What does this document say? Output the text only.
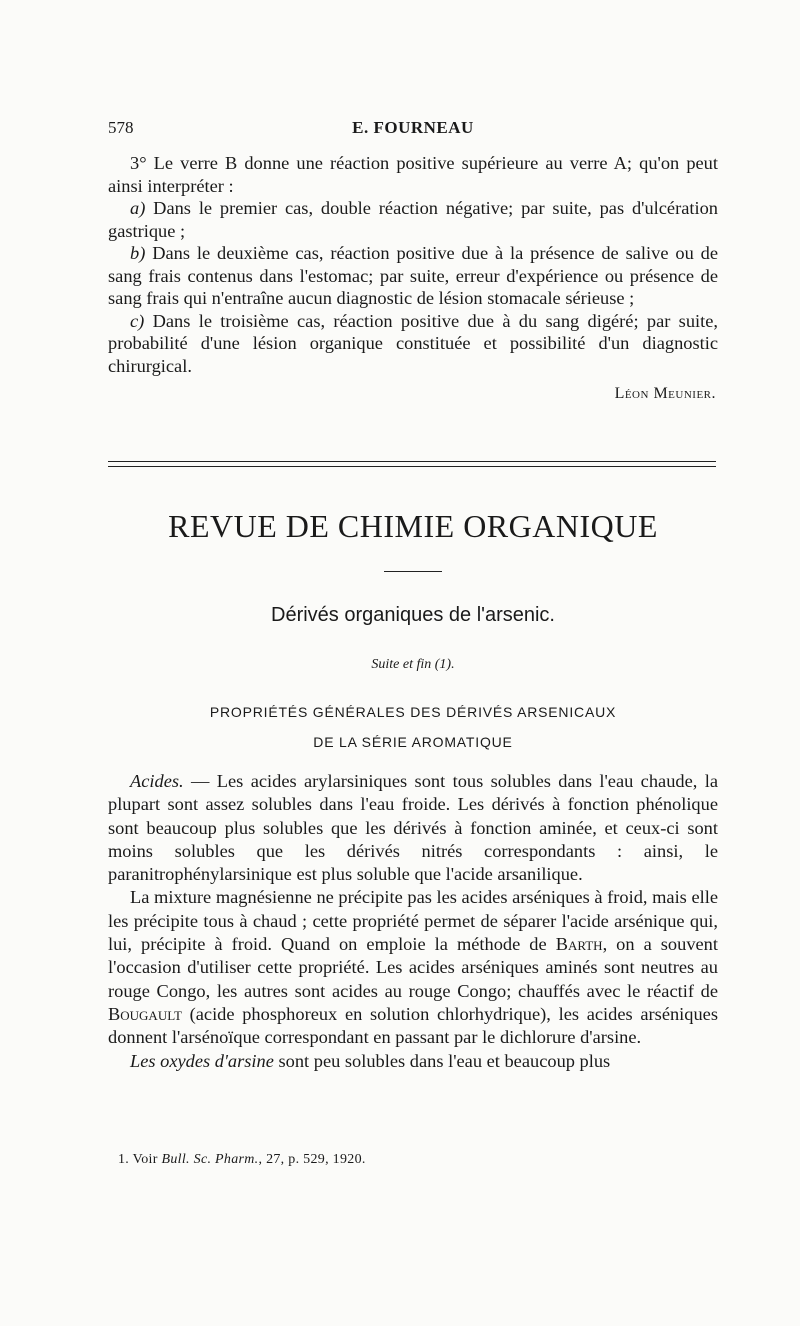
578	E. FOURNEAU

3° Le verre B donne une réaction positive supérieure au verre A; qu'on peut ainsi interpréter :

a) Dans le premier cas, double réaction négative; par suite, pas d'ulcération gastrique ;

b) Dans le deuxième cas, réaction positive due à la présence de salive ou de sang frais contenus dans l'estomac; par suite, erreur d'expérience ou présence de sang frais qui n'entraîne aucun diagnostic de lésion stomacale sérieuse ;

c) Dans le troisième cas, réaction positive due à du sang digéré; par suite, probabilité d'une lésion organique constituée et possibilité d'un diagnostic chirurgical.

Léon Meunier.

REVUE DE CHIMIE ORGANIQUE
Dérivés organiques de l'arsenic.
Suite et fin (1).
PROPRIÉTÉS GÉNÉRALES DES DÉRIVÉS ARSENICAUX
DE LA SÉRIE AROMATIQUE

Acides. — Les acides arylarsiniques sont tous solubles dans l'eau chaude, la plupart sont assez solubles dans l'eau froide. Les dérivés à fonction phénolique sont beaucoup plus solubles que les dérivés à fonction aminée, et ceux-ci sont moins solubles que les dérivés nitrés correspondants : ainsi, le paranitrophénylarsinique est plus soluble que l'acide arsanilique.

La mixture magnésienne ne précipite pas les acides arséniques à froid, mais elle les précipite tous à chaud ; cette propriété permet de séparer l'acide arsénique qui, lui, précipite à froid. Quand on emploie la méthode de Barth, on a souvent l'occasion d'utiliser cette propriété. Les acides arséniques aminés sont neutres au rouge Congo, les autres sont acides au rouge Congo; chauffés avec le réactif de Bougault (acide phosphoreux en solution chlorhydrique), les acides arséniques donnent l'arsénoïque correspondant en passant par le dichlorure d'arsine.

Les oxydes d'arsine sont peu solubles dans l'eau et beaucoup plus

1. Voir Bull. Sc. Pharm., 27, p. 529, 1920.
